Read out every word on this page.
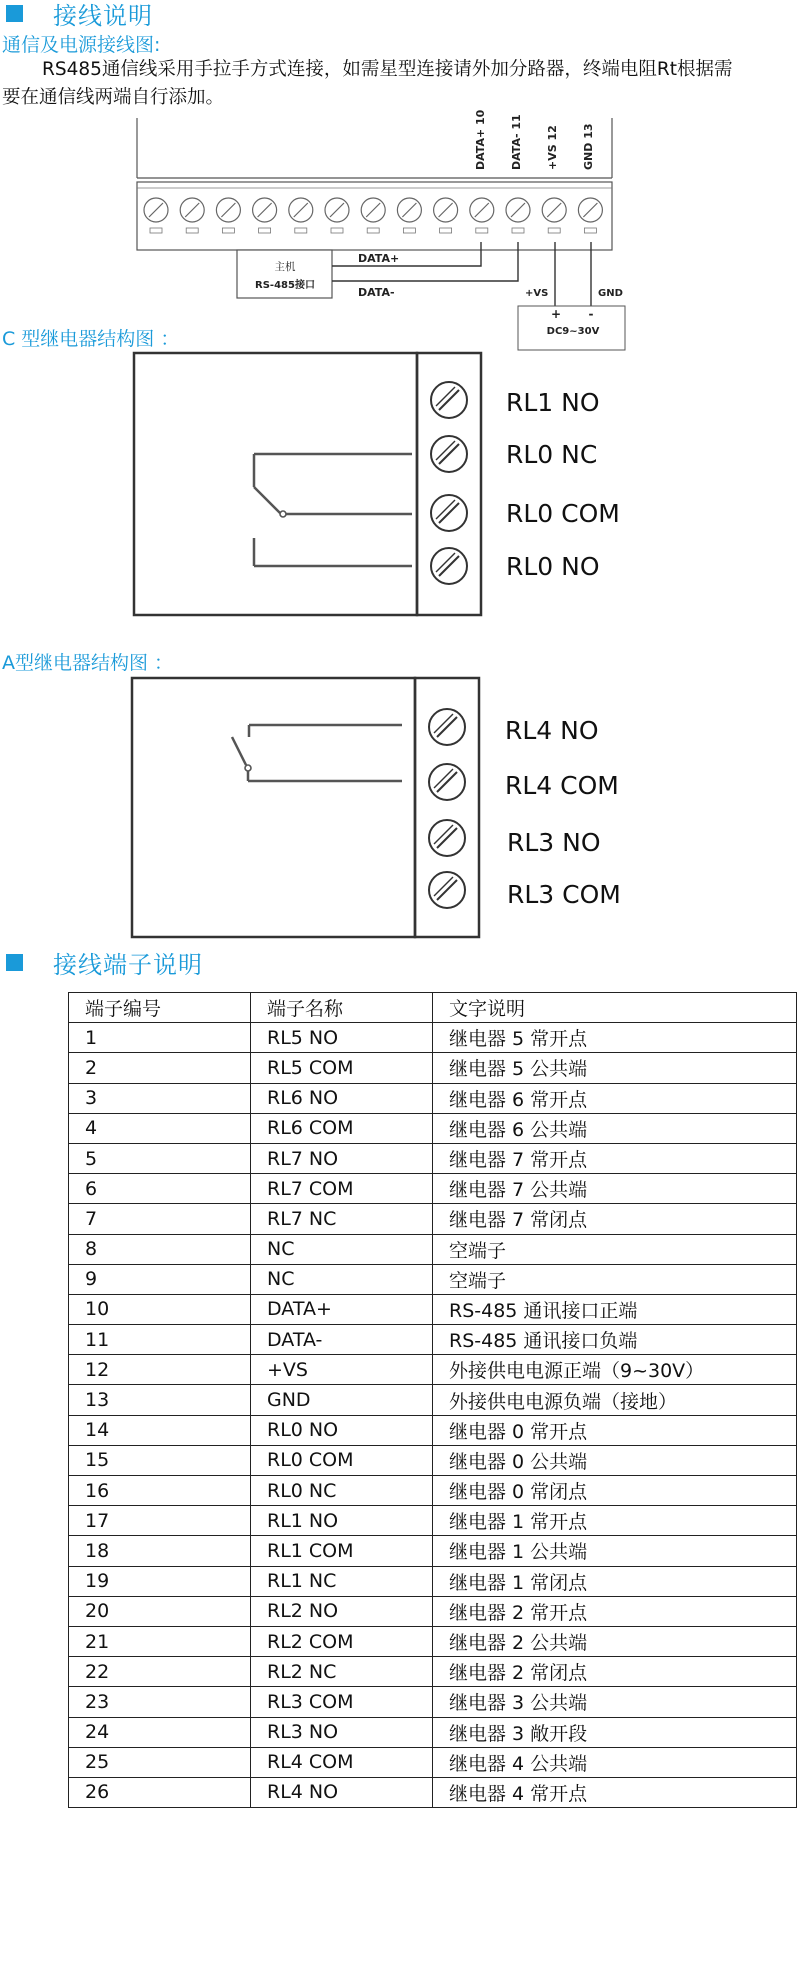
接线说明
通信及电源接线图:
RS485通信线采用手拉手方式连接，如需星型连接请外加分路器，终端电阻Rt根据需
要在通信线两端自行添加。
DATA+ 10 DATA- 11 +VS 12 GND 13
主机
RS-485接口
DATA+
DATA-	+VS	GND
+ -
DC9~30V
C 型继电器结构图 ：
RL1 NO
RL0 NC
RL0 COM
RL0 NO
A型继电器结构图 ：
RL4 NO
RL4 COM
RL3 NO
RL3 COM
接线端子说明
端子编号	端子名称	文字说明
1	RL5 NO	继电器 5 常开点
2	RL5 COM	继电器 5 公共端
3	RL6 NO	继电器 6 常开点
4	RL6 COM	继电器 6 公共端
5	RL7 NO	继电器 7 常开点
6	RL7 COM	继电器 7 公共端
7	RL7 NC	继电器 7 常闭点
8	NC	空端子
9	NC	空端子
10	DATA+	RS-485 通讯接口正端
11	DATA-	RS-485 通讯接口负端
12	+VS	外接供电电源正端（9~30V）
13	GND	外接供电电源负端（接地）
14	RL0 NO	继电器 0 常开点
15	RL0 COM	继电器 0 公共端
16	RL0 NC	继电器 0 常闭点
17	RL1 NO	继电器 1 常开点
18	RL1 COM	继电器 1 公共端
19	RL1 NC	继电器 1 常闭点
20	RL2 NO	继电器 2 常开点
21	RL2 COM	继电器 2 公共端
22	RL2 NC	继电器 2 常闭点
23	RL3 COM	继电器 3 公共端
24	RL3 NO	继电器 3 敞开段
25	RL4 COM	继电器 4 公共端
26	RL4 NO	继电器 4 常开点
